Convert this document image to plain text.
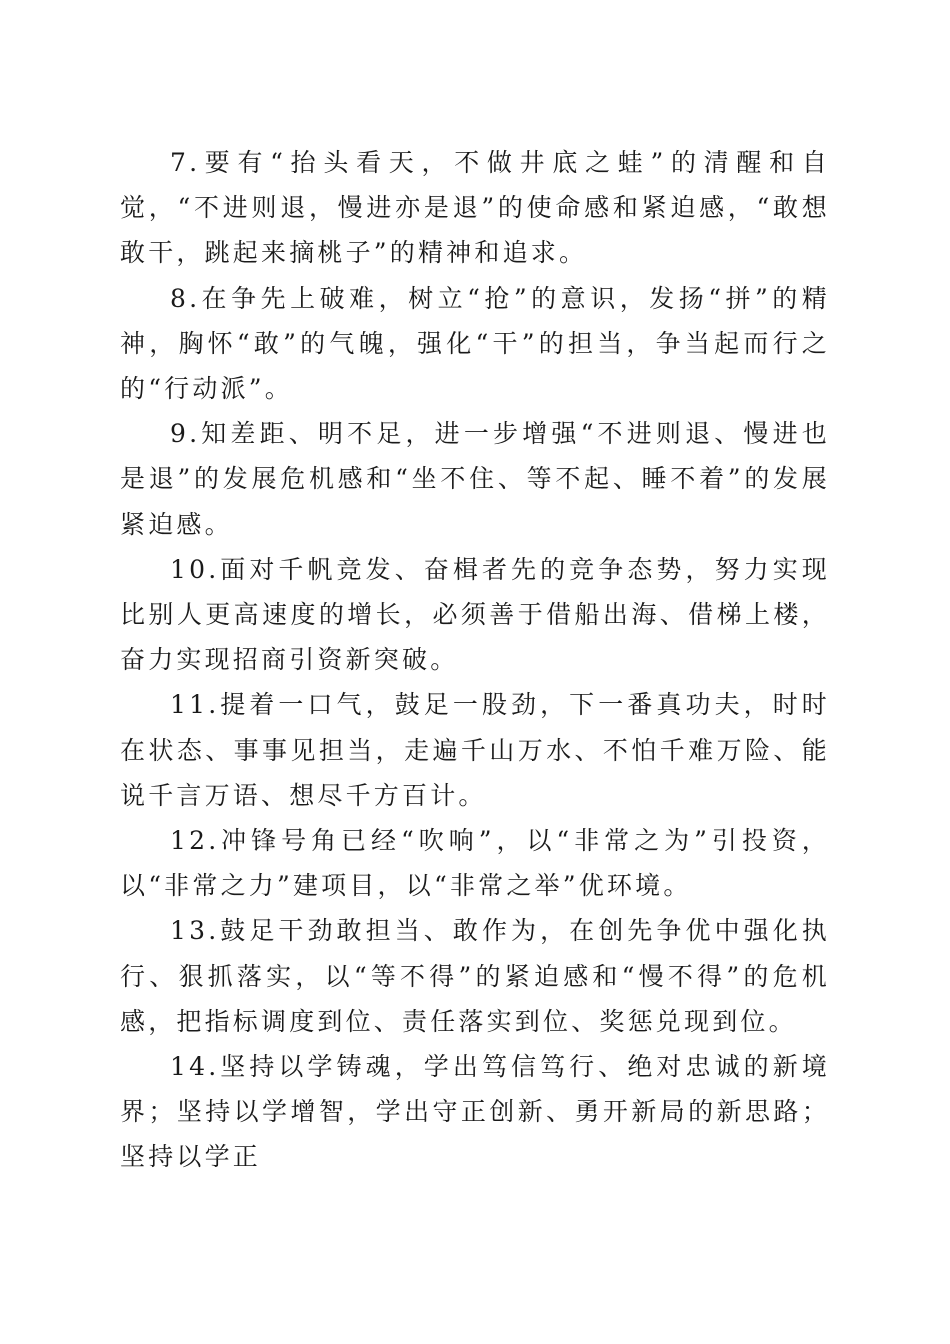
7.要有“抬头看天，不做井底之蛙”的清醒和自觉，“不进则退，慢进亦是退”的使命感和紧迫感，“敢想敢干，跳起来摘桃子”的精神和追求。

8.在争先上破难，树立“抢”的意识，发扬“拼”的精神，胸怀“敢”的气魄，强化“干”的担当，争当起而行之的“行动派”。

9.知差距、明不足，进一步增强“不进则退、慢进也是退”的发展危机感和“坐不住、等不起、睡不着”的发展紧迫感。

10.面对千帆竞发、奋楫者先的竞争态势，努力实现比别人更高速度的增长，必须善于借船出海、借梯上楼，奋力实现招商引资新突破。

11.提着一口气，鼓足一股劲，下一番真功夫，时时在状态、事事见担当，走遍千山万水、不怕千难万险、能说千言万语、想尽千方百计。

12.冲锋号角已经“吹响”，以“非常之为”引投资，以“非常之力”建项目，以“非常之举”优环境。

13.鼓足干劲敢担当、敢作为，在创先争优中强化执行、狠抓落实，以“等不得”的紧迫感和“慢不得”的危机感，把指标调度到位、责任落实到位、奖惩兑现到位。

14.坚持以学铸魂，学出笃信笃行、绝对忠诚的新境界；坚持以学增智，学出守正创新、勇开新局的新思路；坚持以学正
